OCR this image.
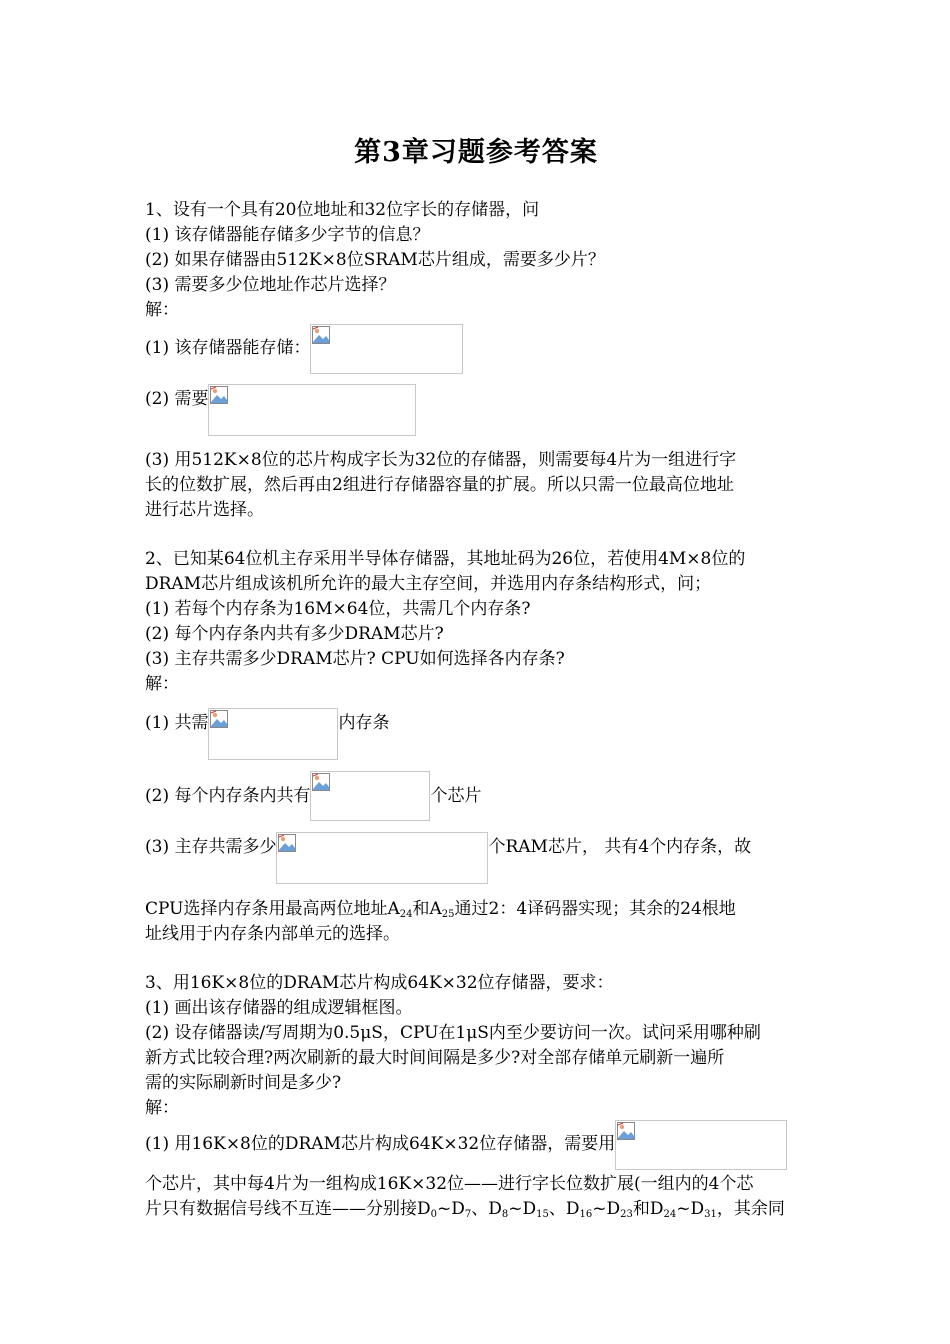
第3章习题参考答案
1、设有一个具有20位地址和32位字长的存储器，问
(1) 该存储器能存储多少字节的信息？
(2) 如果存储器由512K×8位SRAM芯片组成，需要多少片？
(3) 需要多少位地址作芯片选择？
解：
(1) 该存储器能存储：
(2) 需要
(3) 用512K×8位的芯片构成字长为32位的存储器，则需要每4片为一组进行字
长的位数扩展，然后再由2组进行存储器容量的扩展。所以只需一位最高位地址
进行芯片选择。
2、已知某64位机主存采用半导体存储器，其地址码为26位，若使用4M×8位的
DRAM芯片组成该机所允许的最大主存空间，并选用内存条结构形式，问；
(1) 若每个内存条为16M×64位，共需几个内存条?
(2) 每个内存条内共有多少DRAM芯片?
(3) 主存共需多少DRAM芯片? CPU如何选择各内存条?
解：
(1) 共需	内存条
(2) 每个内存条内共有	个芯片
(3) 主存共需多少	个RAM芯片， 共有4个内存条，故
CPU选择内存条用最高两位地址$A_{24}$和$A_{25}$通过2：4译码器实现；其余的24根地
址线用于内存条内部单元的选择。
3、用16K×8位的DRAM芯片构成64K×32位存储器，要求：
(1) 画出该存储器的组成逻辑框图。
(2) 设存储器读/写周期为0.5μS，CPU在1μS内至少要访问一次。试问采用哪种刷
新方式比较合理?两次刷新的最大时间间隔是多少?对全部存储单元刷新一遍所
需的实际刷新时间是多少?
解：
(1) 用16K×8位的DRAM芯片构成64K×32位存储器，需要用
个芯片，其中每4片为一组构成16K×32位——进行字长位数扩展(一组内的4个芯
片只有数据信号线不互连——分别接$D_0\sim D_7$、$D_8\sim D_{15}$、$D_{16}\sim D_{23}$和$D_{24}\sim D_{31}$，其余同
